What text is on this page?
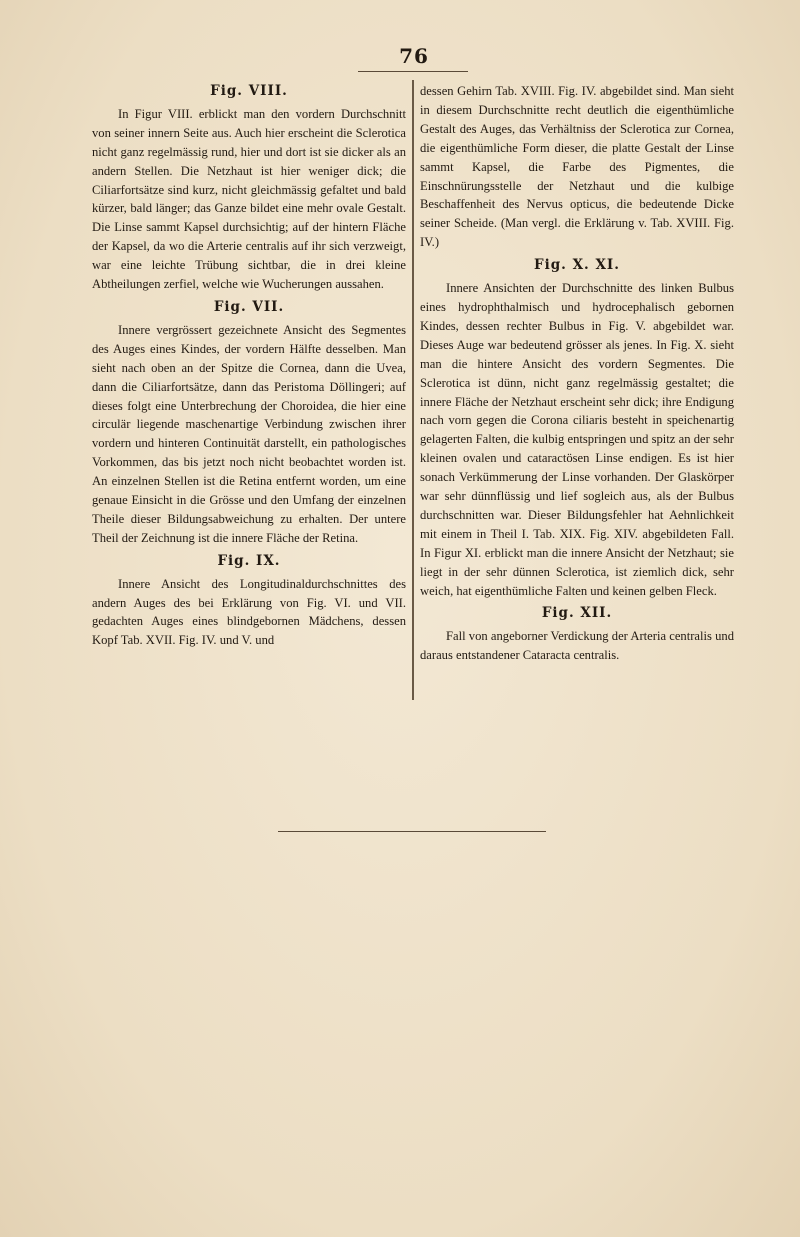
76
Fig. VIII.

In Figur VIII. erblickt man den vordern Durchschnitt von seiner innern Seite aus. Auch hier erscheint die Sclerotica nicht ganz regelmässig rund, hier und dort ist sie dicker als an andern Stellen. Die Netzhaut ist hier weniger dick; die Ciliarfortsätze sind kurz, nicht gleichmässig gefaltet und bald kürzer, bald länger; das Ganze bildet eine mehr ovale Gestalt. Die Linse sammt Kapsel durchsichtig; auf der hintern Fläche der Kapsel, da wo die Arterie centralis auf ihr sich verzweigt, war eine leichte Trübung sichtbar, die in drei kleine Abtheilungen zerfiel, welche wie Wucherungen aussahen.

Fig. VII.

Innere vergrössert gezeichnete Ansicht des Segmentes des Auges eines Kindes, der vordern Hälfte desselben. Man sieht nach oben an der Spitze die Cornea, dann die Uvea, dann die Ciliarfortsätze, dann das Peristoma Döllingeri; auf dieses folgt eine Unterbrechung der Choroidea, die hier eine circulär liegende maschenartige Verbindung zwischen ihrer vordern und hinteren Continuität darstellt, ein pathologisches Vorkommen, das bis jetzt noch nicht beobachtet worden ist. An einzelnen Stellen ist die Retina entfernt worden, um eine genaue Einsicht in die Grösse und den Umfang der einzelnen Theile dieser Bildungsabweichung zu erhalten. Der untere Theil der Zeichnung ist die innere Fläche der Retina.

Fig. IX.

Innere Ansicht des Longitudinaldurchschnittes des andern Auges des bei Erklärung von Fig. VI. und VII. gedachten Auges eines blindgebornen Mädchens, dessen Kopf Tab. XVII. Fig. IV. und V. und

dessen Gehirn Tab. XVIII. Fig. IV. abgebildet sind. Man sieht in diesem Durchschnitte recht deutlich die eigenthümliche Gestalt des Auges, das Verhältniss der Sclerotica zur Cornea, die eigenthümliche Form dieser, die platte Gestalt der Linse sammt Kapsel, die Farbe des Pigmentes, die Einschnürungsstelle der Netzhaut und die kulbige Beschaffenheit des Nervus opticus, die bedeutende Dicke seiner Scheide. (Man vergl. die Erklärung v. Tab. XVIII. Fig. IV.)

Fig. X. XI.

Innere Ansichten der Durchschnitte des linken Bulbus eines hydrophthalmisch und hydrocephalisch gebornen Kindes, dessen rechter Bulbus in Fig. V. abgebildet war. Dieses Auge war bedeutend grösser als jenes. In Fig. X. sieht man die hintere Ansicht des vordern Segmentes. Die Sclerotica ist dünn, nicht ganz regelmässig gestaltet; die innere Fläche der Netzhaut erscheint sehr dick; ihre Endigung nach vorn gegen die Corona ciliaris besteht in speichenartig gelagerten Falten, die kulbig entspringen und spitz an der sehr kleinen ovalen und cataractösen Linse endigen. Es ist hier sonach Verkümmerung der Linse vorhanden. Der Glaskörper war sehr dünnflüssig und lief sogleich aus, als der Bulbus durchschnitten war. Dieser Bildungsfehler hat Aehnlichkeit mit einem in Theil I. Tab. XIX. Fig. XIV. abgebildeten Fall. In Figur XI. erblickt man die innere Ansicht der Netzhaut; sie liegt in der sehr dünnen Sclerotica, ist ziemlich dick, sehr weich, hat eigenthümliche Falten und keinen gelben Fleck.

Fig. XII.

Fall von angeborner Verdickung der Arteria centralis und daraus entstandener Cataracta centralis.
